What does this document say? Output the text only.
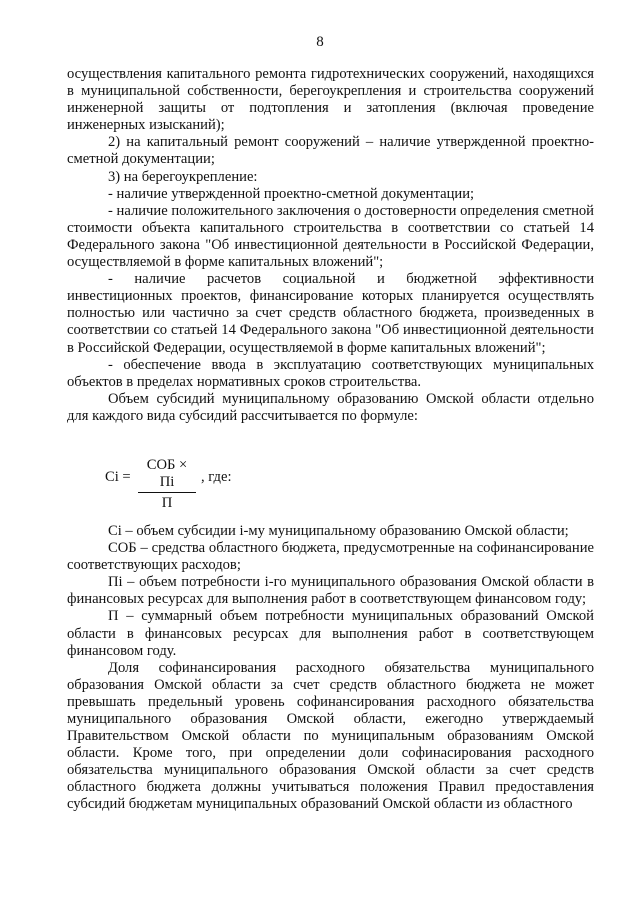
8

осуществления капитального ремонта гидротехнических сооружений, находящихся в муниципальной собственности, берегоукрепления и строительства сооружений инженерной защиты от подтопления и затопления (включая проведение инженерных изысканий);

2) на капитальный ремонт сооружений – наличие утвержденной проектно-сметной документации;

3) на берегоукрепление:

- наличие утвержденной проектно-сметной документации;

- наличие положительного заключения о достоверности определения сметной стоимости объекта капитального строительства в соответствии со статьей 14 Федерального закона "Об инвестиционной деятельности в Российской Федерации, осуществляемой в форме капитальных вложений";

- наличие расчетов социальной и бюджетной эффективности инвестиционных проектов, финансирование которых планируется осуществлять полностью или частично за счет средств областного бюджета, произведенных в соответствии со статьей 14 Федерального закона "Об инвестиционной деятельности в Российской Федерации, осуществляемой в форме капитальных вложений";

- обеспечение ввода в эксплуатацию соответствующих муниципальных объектов в пределах нормативных сроков строительства.

Объем субсидий муниципальному образованию Омской области отдельно для каждого вида субсидий рассчитывается по формуле:

Ci =
СОБ × Пi
П
, где:

Ci – объем субсидии i-му муниципальному образованию Омской области;

СОБ – средства областного бюджета, предусмотренные на софинансирование соответствующих расходов;

Пi – объем потребности i-го муниципального образования Омской области в финансовых ресурсах для выполнения работ в соответствующем финансовом году;

П – суммарный объем потребности муниципальных образований Омской области в финансовых ресурсах для выполнения работ в соответствующем финансовом году.

Доля софинансирования расходного обязательства муниципального образования Омской области за счет средств областного бюджета не может превышать предельный уровень софинансирования расходного обязательства муниципального образования Омской области, ежегодно утверждаемый Правительством Омской области по муниципальным образованиям Омской области. Кроме того, при определении доли софинасирования расходного обязательства муниципального образования Омской области за счет средств областного бюджета должны учитываться положения Правил предоставления субсидий бюджетам муниципальных образований Омской области из областного
